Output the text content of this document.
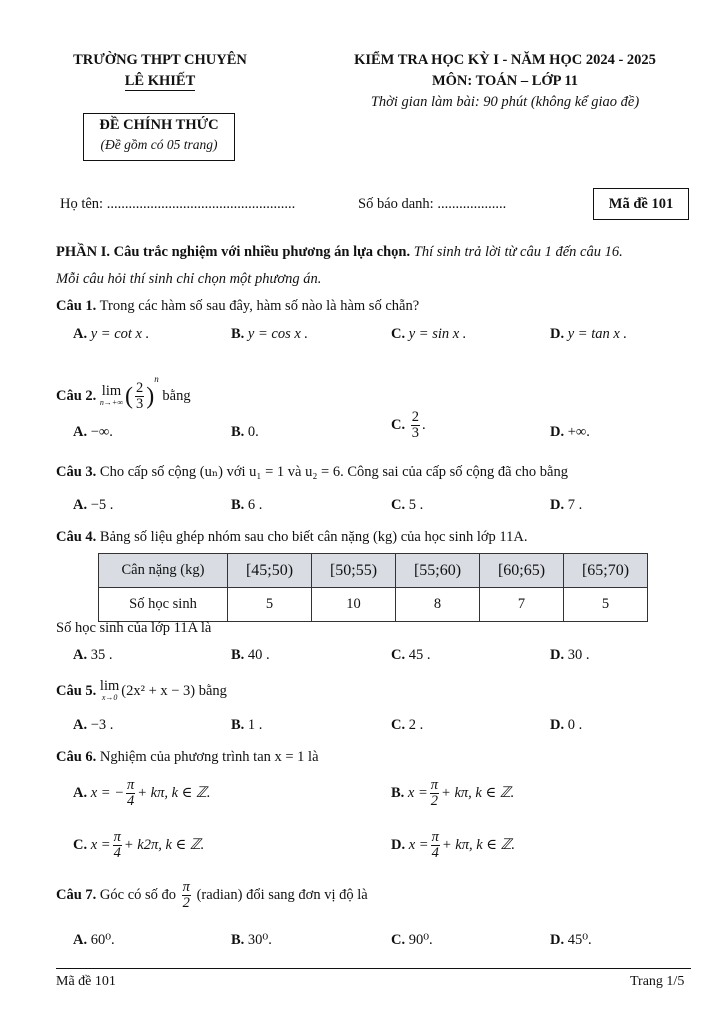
TRƯỜNG THPT CHUYÊN
LÊ KHIẾT
KIỂM TRA HỌC KỲ I - NĂM HỌC 2024 - 2025
MÔN: TOÁN – LỚP 11
Thời gian làm bài: 90 phút (không kể giao đề)
ĐỀ CHÍNH THỨC
(Đề gồm có 05 trang)
Họ tên: ....................................................	Số báo danh: ...................	Mã đề 101
PHẦN I. Câu trắc nghiệm với nhiều phương án lựa chọn. Thí sinh trả lời từ câu 1 đến câu 16.
Mỗi câu hỏi thí sinh chỉ chọn một phương án.
Câu 1. Trong các hàm số sau đây, hàm số nào là hàm số chẵn?
A. y = cot x .	B. y = cos x .	C. y = sin x .	D. y = tan x .
Câu 2. lim
n→+∞ ( $\frac{2}{3} )^n$ bằng
A. −∞.	B. 0.	C. $\frac{2}{3}$ .	D. +∞.
Câu 3. Cho cấp số cộng (uₙ) với u₁ = 1 và u₂ = 6. Công sai của cấp số cộng đã cho bằng
A. −5 .	B. 6 .	C. 5 .	D. 7 .
Câu 4. Bảng số liệu ghép nhóm sau cho biết cân nặng (kg) của học sinh lớp 11A.
Cân nặng (kg)	[45;50)	[50;55)	[55;60)	[60;65)	[65;70)
Số học sinh	5	10	8	7	5
Số học sinh của lớp 11A là
A. 35 .	B. 40 .	C. 45 .	D. 30 .
Câu 5. lim
x→0 (2x² + x − 3) bằng
A. −3 .	B. 1 .	C. 2 .	D. 0 .
Câu 6. Nghiệm của phương trình tan x = 1 là
A. x = − $\frac{\pi}{4} + k\pi$, k ∈ ℤ.	B. $x = \frac{\pi}{2} + k\pi$, k ∈ ℤ.
C. $x = \frac{\pi}{4} + k2\pi$, k ∈ ℤ.	D. $x = \frac{\pi}{4} + k\pi$, k ∈ ℤ.
Câu 7. Góc có số đo $\frac{\pi}{2}$ (radian) đổi sang đơn vị độ là
A. 60⁰.	B. 30⁰.	C. 90⁰.	D. 45⁰.
Mã đề 101	Trang 1/5
